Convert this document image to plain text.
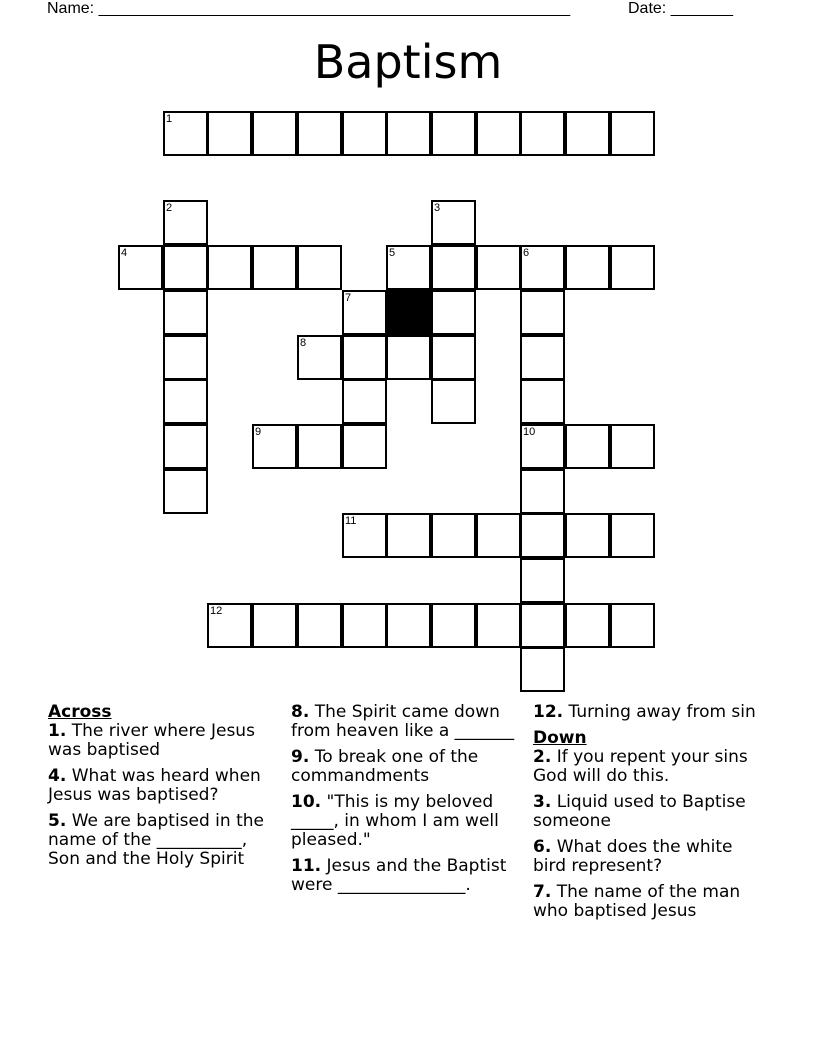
Name: _____________________________________________________	Date: _______
Baptism
1
2	3
4	5	6
7
8
9	10
11
12
Across
1. The river where Jesus was baptised
4. What was heard when Jesus was baptised?
5. We are baptised in the name of the __________, Son and the Holy Spirit
8. The Spirit came down from heaven like a _______
9. To break one of the commandments
10. "This is my beloved _____, in whom I am well pleased."
11. Jesus and the Baptist were _______________.
12. Turning away from sin
Down
2. If you repent your sins God will do this.
3. Liquid used to Baptise someone
6. What does the white bird represent?
7. The name of the man who baptised Jesus
